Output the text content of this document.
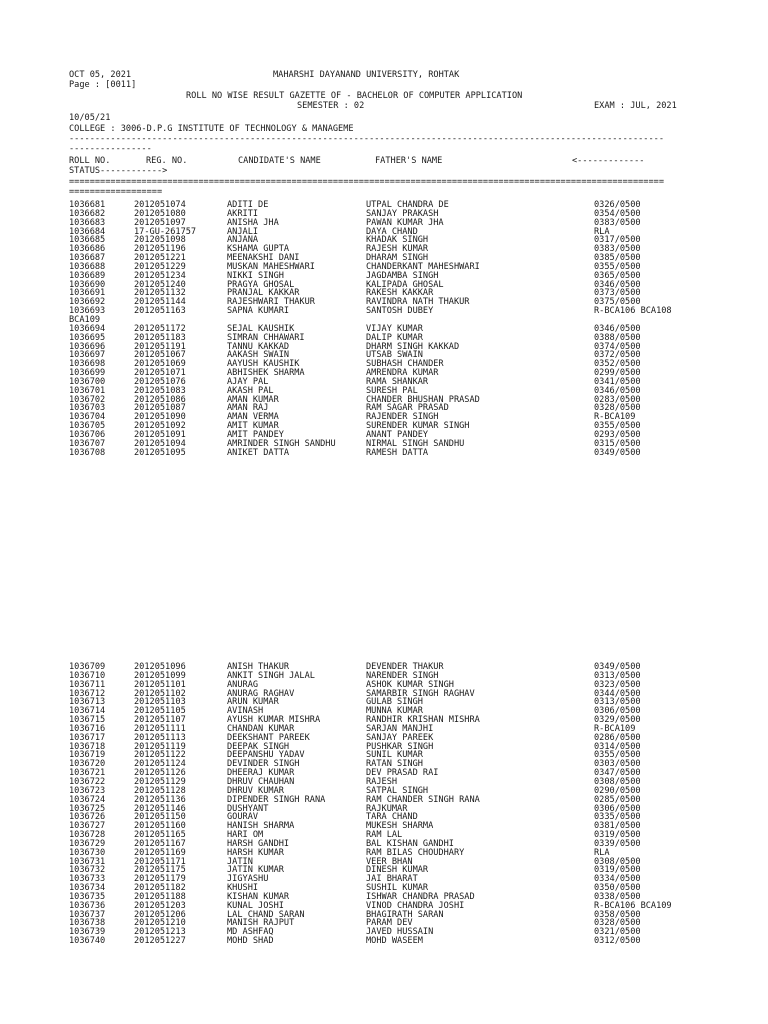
OCT 05, 2021	MAHARSHI DAYANAND UNIVERSITY, ROHTAK
Page : [0011]
ROLL NO WISE RESULT GAZETTE OF - BACHELOR OF COMPUTER APPLICATION
SEMESTER : 02	EXAM : JUL, 2021
10/05/21
COLLEGE : 3006-D.P.G INSTITUTE OF TECHNOLOGY & MANAGEME
-------------------------------------------------------------------------------------------------------------------
----------------
ROLL NO.	REG. NO.	CANDIDATE'S NAME	FATHER'S NAME	<-------------
STATUS------------>
===================================================================================================================
==================
1036681	2012051074	ADITI DE	UTPAL CHANDRA DE	0326/0500
1036682	2012051080	AKRITI	SANJAY PRAKASH	0354/0500
1036683	2012051097	ANISHA JHA	PAWAN KUMAR JHA	0383/0500
1036684	17-GU-261757	ANJALI	DAYA CHAND	RLA
1036685	2012051098	ANJANA	KHADAK SINGH	0317/0500
1036686	2012051196	KSHAMA GUPTA	RAJESH KUMAR	0383/0500
1036687	2012051221	MEENAKSHI DANI	DHARAM SINGH	0385/0500
1036688	2012051229	MUSKAN MAHESHWARI	CHANDERKANT MAHESHWARI	0355/0500
1036689	2012051234	NIKKI SINGH	JAGDAMBA SINGH	0365/0500
1036690	2012051240	PRAGYA GHOSAL	KALIPADA GHOSAL	0346/0500
1036691	2012051132	PRANJAL KAKKAR	RAKESH KAKKAR	0373/0500
1036692	2012051144	RAJESHWARI THAKUR	RAVINDRA NATH THAKUR	0375/0500
1036693	2012051163	SAPNA KUMARI	SANTOSH DUBEY	R-BCA106 BCA108
BCA109
1036694	2012051172	SEJAL KAUSHIK	VIJAY KUMAR	0346/0500
1036695	2012051183	SIMRAN CHHAWARI	DALIP KUMAR	0388/0500
1036696	2012051191	TANNU KAKKAD	DHARM SINGH KAKKAD	0374/0500
1036697	2012051067	AAKASH SWAIN	UTSAB SWAIN	0372/0500
1036698	2012051069	AAYUSH KAUSHIK	SUBHASH CHANDER	0352/0500
1036699	2012051071	ABHISHEK SHARMA	AMRENDRA KUMAR	0299/0500
1036700	2012051076	AJAY PAL	RAMA SHANKAR	0341/0500
1036701	2012051083	AKASH PAL	SURESH PAL	0346/0500
1036702	2012051086	AMAN KUMAR	CHANDER BHUSHAN PRASAD	0283/0500
1036703	2012051087	AMAN RAJ	RAM SAGAR PRASAD	0328/0500
1036704	2012051090	AMAN VERMA	RAJENDER SINGH	R-BCA109
1036705	2012051092	AMIT KUMAR	SURENDER KUMAR SINGH	0355/0500
1036706	2012051091	AMIT PANDEY	ANANT PANDEY	0293/0500
1036707	2012051094	AMRINDER SINGH SANDHU	NIRMAL SINGH SANDHU	0315/0500
1036708	2012051095	ANIKET DATTA	RAMESH DATTA	0349/0500
1036709	2012051096	ANISH THAKUR	DEVENDER THAKUR	0349/0500
1036710	2012051099	ANKIT SINGH JALAL	NARENDER SINGH	0313/0500
1036711	2012051101	ANURAG	ASHOK KUMAR SINGH	0323/0500
1036712	2012051102	ANURAG RAGHAV	SAMARBIR SINGH RAGHAV	0344/0500
1036713	2012051103	ARUN KUMAR	GULAB SINGH	0313/0500
1036714	2012051105	AVINASH	MUNNA KUMAR	0306/0500
1036715	2012051107	AYUSH KUMAR MISHRA	RANDHIR KRISHAN MISHRA	0329/0500
1036716	2012051111	CHANDAN KUMAR	SARJAN MANJHI	R-BCA109
1036717	2012051113	DEEKSHANT PAREEK	SANJAY PAREEK	0286/0500
1036718	2012051119	DEEPAK SINGH	PUSHKAR SINGH	0314/0500
1036719	2012051122	DEEPANSHU YADAV	SUNIL KUMAR	0355/0500
1036720	2012051124	DEVINDER SINGH	RATAN SINGH	0303/0500
1036721	2012051126	DHEERAJ KUMAR	DEV PRASAD RAI	0347/0500
1036722	2012051129	DHRUV CHAUHAN	RAJESH	0308/0500
1036723	2012051128	DHRUV KUMAR	SATPAL SINGH	0290/0500
1036724	2012051136	DIPENDER SINGH RANA	RAM CHANDER SINGH RANA	0285/0500
1036725	2012051146	DUSHYANT	RAJKUMAR	0306/0500
1036726	2012051150	GOURAV	TARA CHAND	0335/0500
1036727	2012051160	HANISH SHARMA	MUKESH SHARMA	0381/0500
1036728	2012051165	HARI OM	RAM LAL	0319/0500
1036729	2012051167	HARSH GANDHI	BAL KISHAN GANDHI	0339/0500
1036730	2012051169	HARSH KUMAR	RAM BILAS CHOUDHARY	RLA
1036731	2012051171	JATIN	VEER BHAN	0308/0500
1036732	2012051175	JATIN KUMAR	DINESH KUMAR	0319/0500
1036733	2012051179	JIGYASHU	JAI BHARAT	0334/0500
1036734	2012051182	KHUSHI	SUSHIL KUMAR	0350/0500
1036735	2012051188	KISHAN KUMAR	ISHWAR CHANDRA PRASAD	0338/0500
1036736	2012051203	KUNAL JOSHI	VINOD CHANDRA JOSHI	R-BCA106 BCA109
1036737	2012051206	LAL CHAND SARAN	BHAGIRATH SARAN	0358/0500
1036738	2012051210	MANISH RAJPUT	PARAM DEV	0328/0500
1036739	2012051213	MD ASHFAQ	JAVED HUSSAIN	0321/0500
1036740	2012051227	MOHD SHAD	MOHD WASEEM	0312/0500
